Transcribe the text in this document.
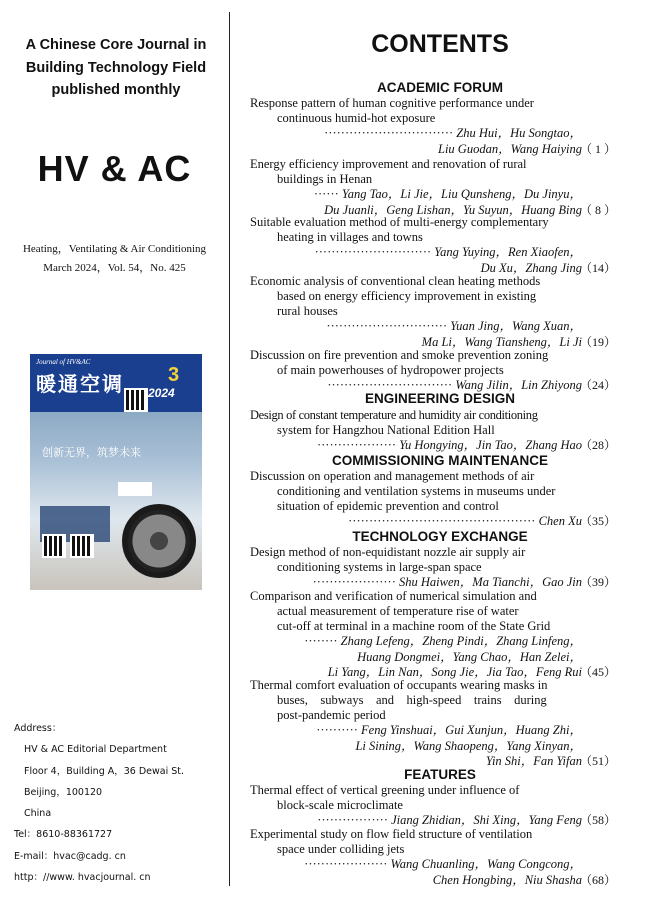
A Chinese Core Journal in
Building Technology Field
published monthly
HV & AC
Heating，Ventilating & Air Conditioning
March 2024，Vol. 54，No. 425
Journal of HV&AC
暖通空调 3
2024
创新无界，筑梦未来
Address：
HV & AC Editorial Department
Floor 4，Building A，36 Dewai St.
Beijing，100120
China
Tel：8610-88361727
E-mail：hvac@cadg. cn
http：//www. hvacjournal. cn
CONTENTS
ACADEMIC FORUM
Response pattern of human cognitive performance under
continuous humid-hot exposure
······························· Zhu Hui，Hu Songtao，
Liu Guodan，Wang Haiying
（ 1 ）
Energy efficiency improvement and renovation of rural
buildings in Henan
······ Yang Tao，Li Jie，Liu Qunsheng，Du Jinyu，
Du Juanli，Geng Lishan，Yu Suyun，Huang Bing
（ 8 ）
Suitable evaluation method of multi-energy complementary
heating in villages and towns
···························· Yang Yuying，Ren Xiaofen，
Du Xu，Zhang Jing
（14）
Economic analysis of conventional clean heating methods
based on energy efficiency improvement in existing
rural houses
····························· Yuan Jing，Wang Xuan，
Ma Li，Wang Tiansheng，Li Ji
（19）
Discussion on fire prevention and smoke prevention zoning
of main powerhouses of hydropower projects
······························ Wang Jilin，Lin Zhiyong
（24）
ENGINEERING DESIGN
Design of constant temperature and humidity air conditioning
system for Hangzhou National Edition Hall
··················· Yu Hongying，Jin Tao，Zhang Hao
（28）
COMMISSIONING MAINTENANCE
Discussion on operation and management methods of air
conditioning and ventilation systems in museums under
situation of epidemic prevention and control
············································· Chen Xu
（35）
TECHNOLOGY EXCHANGE
Design method of non-equidistant nozzle air supply air
conditioning systems in large-span space
···················· Shu Haiwen，Ma Tianchi，Gao Jin
（39）
Comparison and verification of numerical simulation and
actual measurement of temperature rise of water
cut-off at terminal in a machine room of the State Grid
········ Zhang Lefeng，Zheng Pindi，Zhang Linfeng，
Huang Dongmei，Yang Chao，Han Zelei，
Li Yang，Lin Nan，Song Jie，Jia Tao，Feng Rui
（45）
Thermal comfort evaluation of occupants wearing masks in
buses,    subways    and    high-speed    trains    during
post-pandemic period
·········· Feng Yinshuai，Gui Xunjun，Huang Zhi，
Li Sining，Wang Shaopeng，Yang Xinyan，
Yin Shi，Fan Yifan
（51）
FEATURES
Thermal effect of vertical greening under influence of
block-scale microclimate
················· Jiang Zhidian，Shi Xing，Yang Feng
（58）
Experimental study on flow field structure of ventilation
space under colliding jets
···················· Wang Chuanling，Wang Congcong，
Chen Hongbing，Niu Shasha
（68）
